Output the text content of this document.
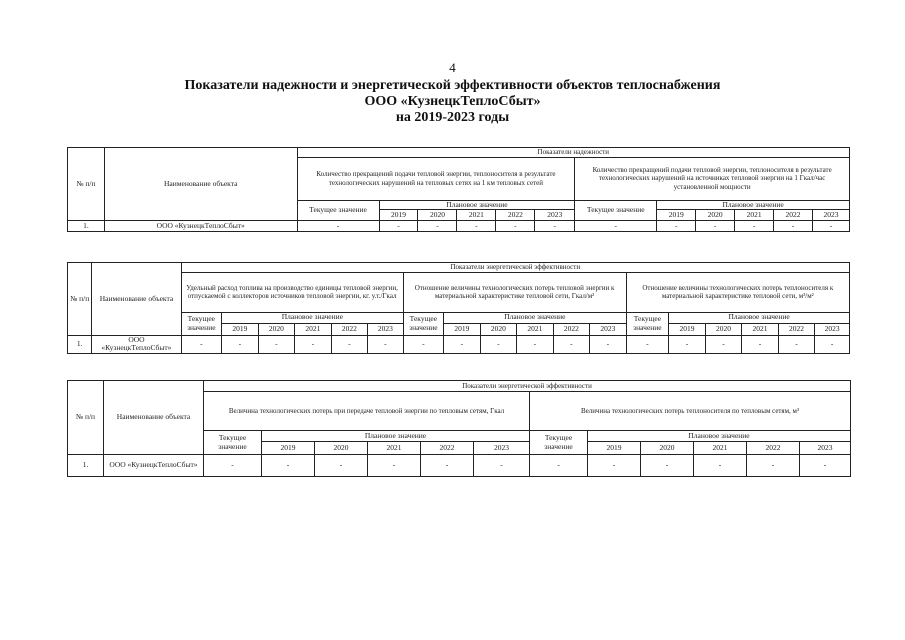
4
Показатели надежности и энергетической эффективности объектов теплоснабжения
ООО «КузнецкТеплоСбыт»
на 2019-2023 годы
№ п/п	Наименование объекта	Показатели надежности											
		Количество прекращений подачи тепловой энергии, теплоносителя в результате технологических нарушений на тепловых сетях на 1 км тепловых сетей						Количество прекращений подачи тепловой энергии, теплоносителя в результате технологических нарушений на источниках тепловой энергии на 1 Гкал/час установленной мощности					
		Текущее значение	Плановое значение					Текущее значение	Плановое значение				
			2019	2020	2021	2022	2023		2019	2020	2021	2022	2023
1.	ООО «КузнецкТеплоСбыт»	-	-	-	-	-	-	-	-	-	-	-	-
№ п/п	Наименование объекта	Показатели энергетической эффективности																	
		Удельный расход топлива на производство единицы тепловой энергии, отпускаемой с коллекторов источников тепловой энергии, кг. у.т./Гкал						Отношение величины технологических потерь тепловой энергии к материальной характеристике тепловой сети, Гкал/м²						Отношение величины технологических потерь теплоносителя к материальной характеристике тепловой сети, м³/м²					
		Текущее значение	Плановое значение					Текущее значение	Плановое значение					Текущее значение	Плановое значение				
			2019	2020	2021	2022	2023		2019	2020	2021	2022	2023		2019	2020	2021	2022	2023
1.	ООО «КузнецкТеплоСбыт»	-	-	-	-	-	-	-	-	-	-	-	-	-	-	-	-	-	-
№ п/п	Наименование объекта	Показатели энергетической эффективности											
		Величина технологических потерь при передаче тепловой энергии по тепловым сетям, Гкал						Величина технологических потерь теплоносителя по тепловым сетям, м³					
		Текущее значение	Плановое значение					Текущее значение	Плановое значение				
			2019	2020	2021	2022	2023		2019	2020	2021	2022	2023
1.	ООО «КузнецкТеплоСбыт»	-	-	-	-	-	-	-	-	-	-	-	-
